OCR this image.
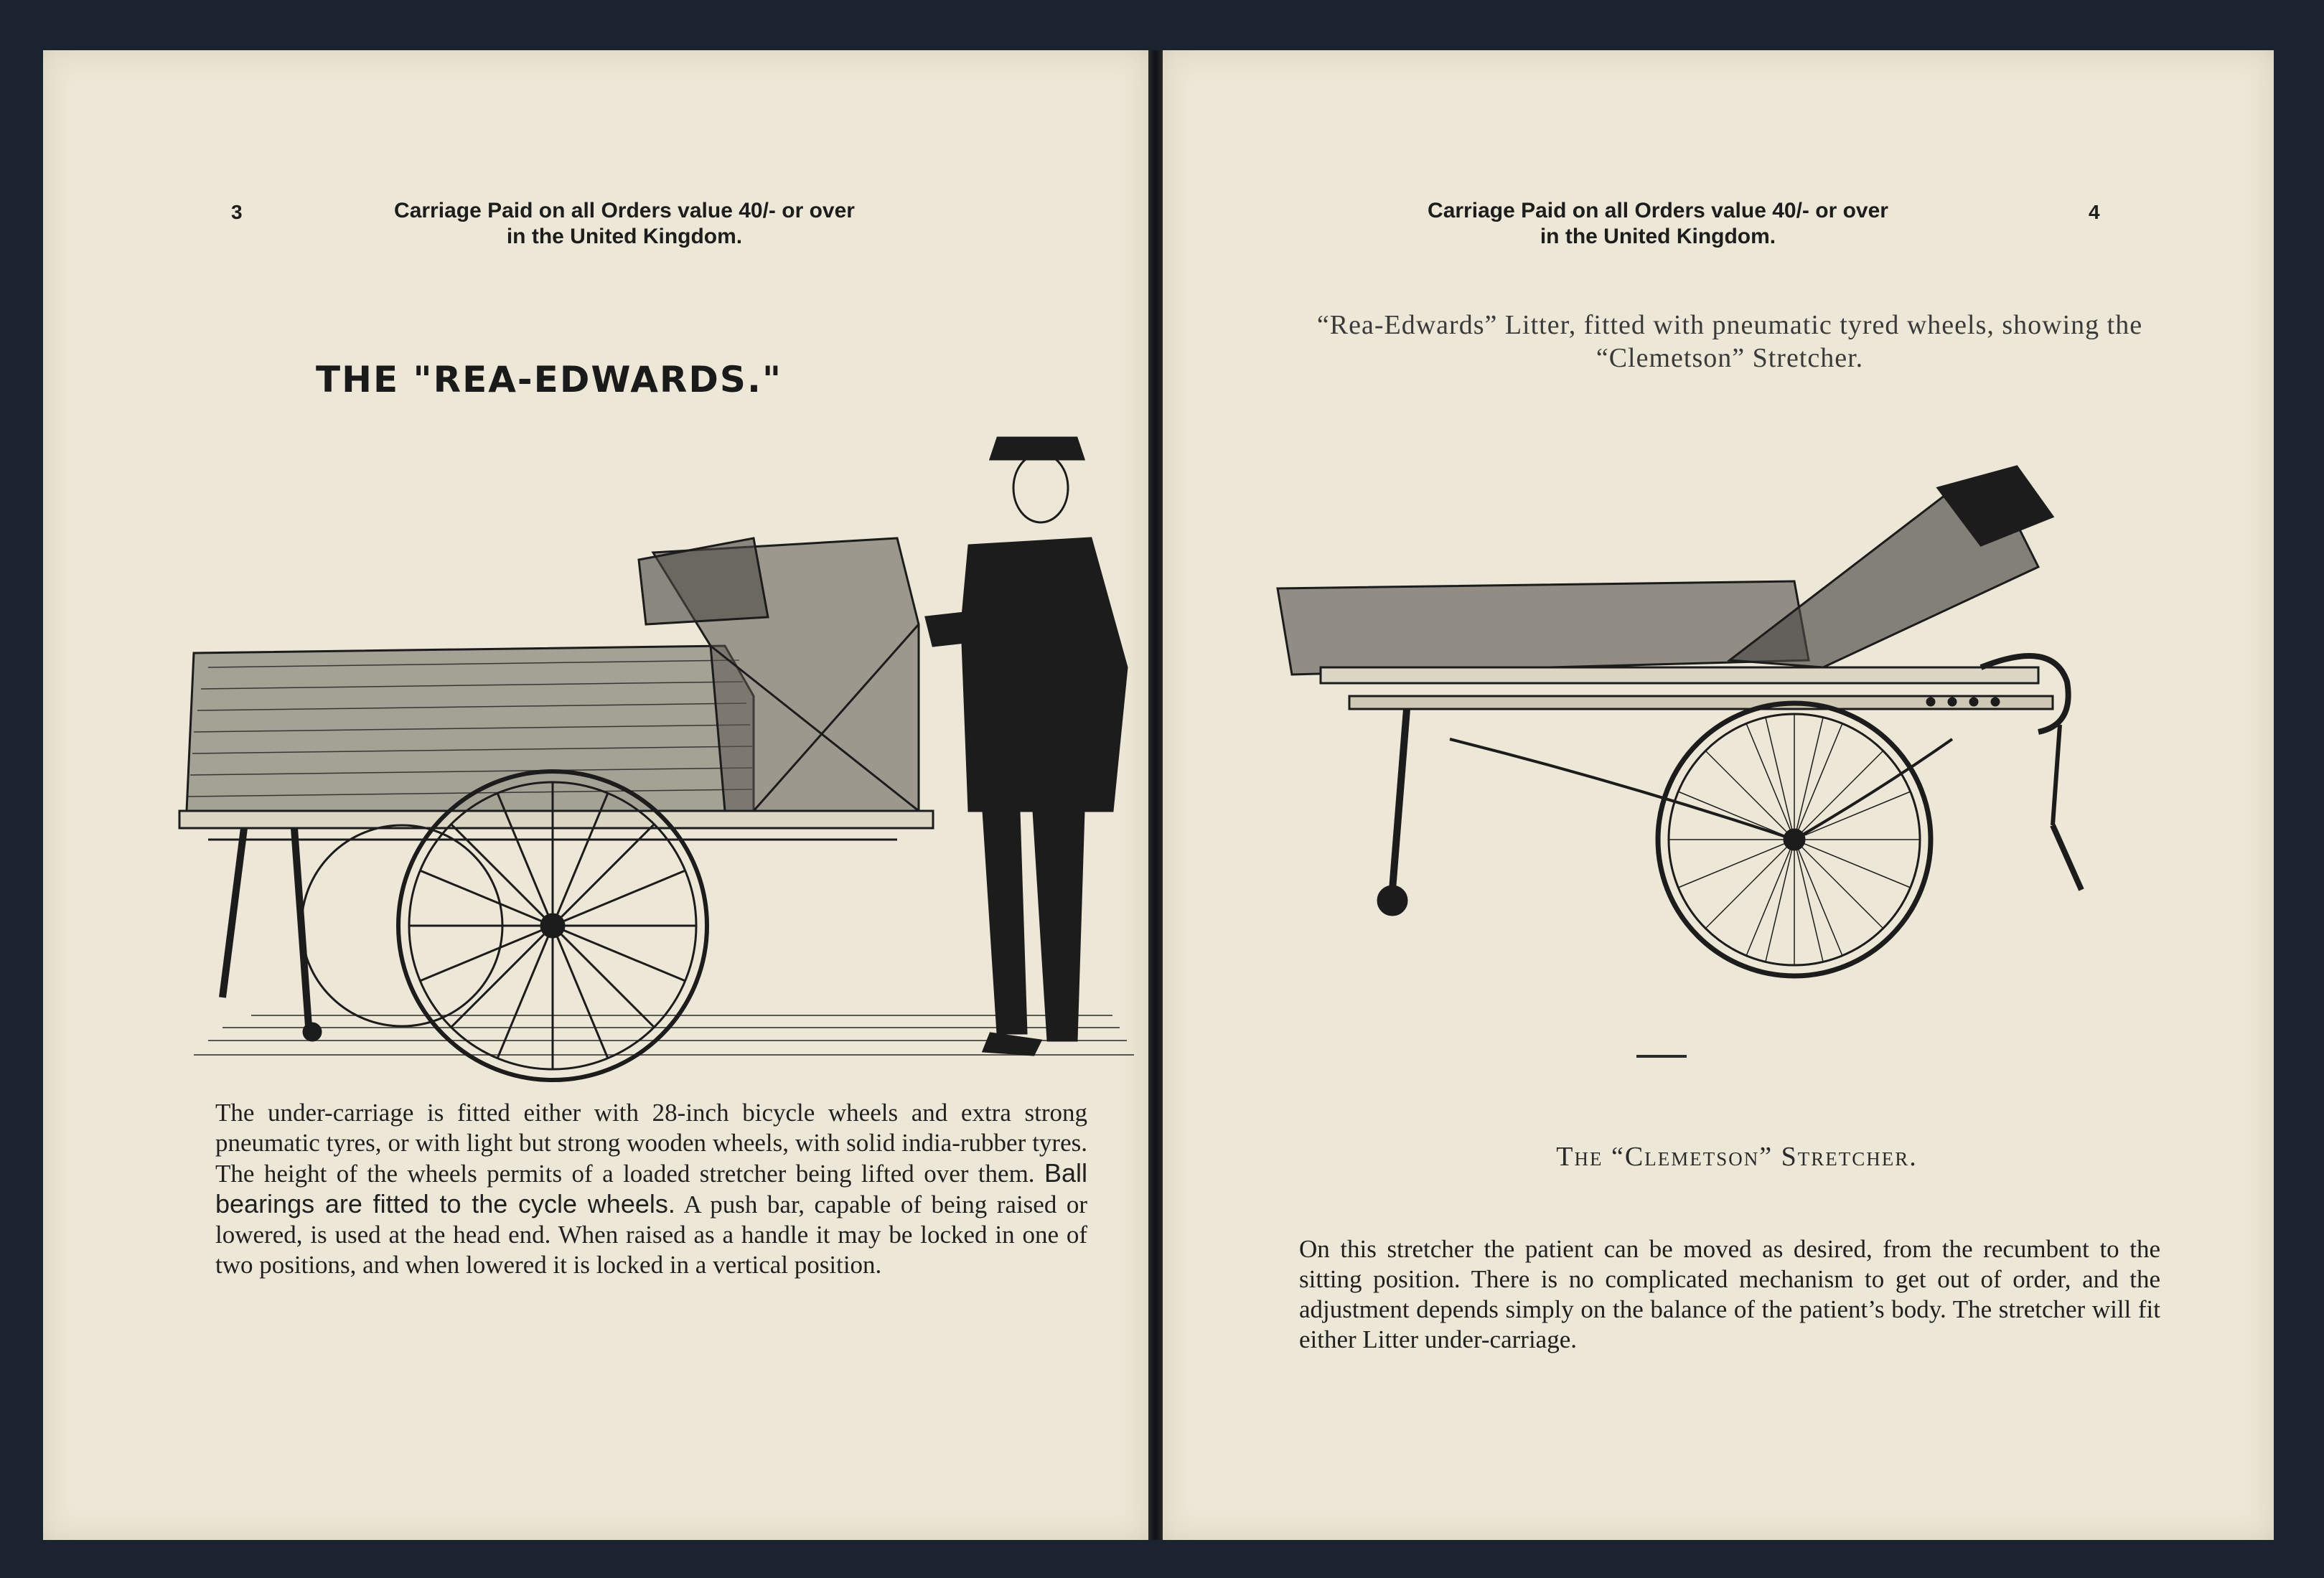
3	Carriage Paid on all Orders value 40/- or over
in the United Kingdom.
THE "REA-EDWARDS."
The under-carriage is fitted either with 28-inch bicycle wheels and extra strong pneumatic tyres, or with light but strong wooden wheels, with solid india-rubber tyres. The height of the wheels permits of a loaded stretcher being lifted over them. Ball bearings are fitted to the cycle wheels. A push bar, capable of being raised or lowered, is used at the head end. When raised as a handle it may be locked in one of two positions, and when lowered it is locked in a vertical position.
Carriage Paid on all Orders value 40/- or over
in the United Kingdom.
4
“Rea-Edwards” Litter, fitted with pneumatic tyred wheels, showing the “Clemetson” Stretcher.
The “Clemetson” Stretcher.
On this stretcher the patient can be moved as desired, from the recumbent to the sitting position. There is no complicated mechanism to get out of order, and the adjustment depends simply on the balance of the patient’s body. The stretcher will fit either Litter under-carriage.
